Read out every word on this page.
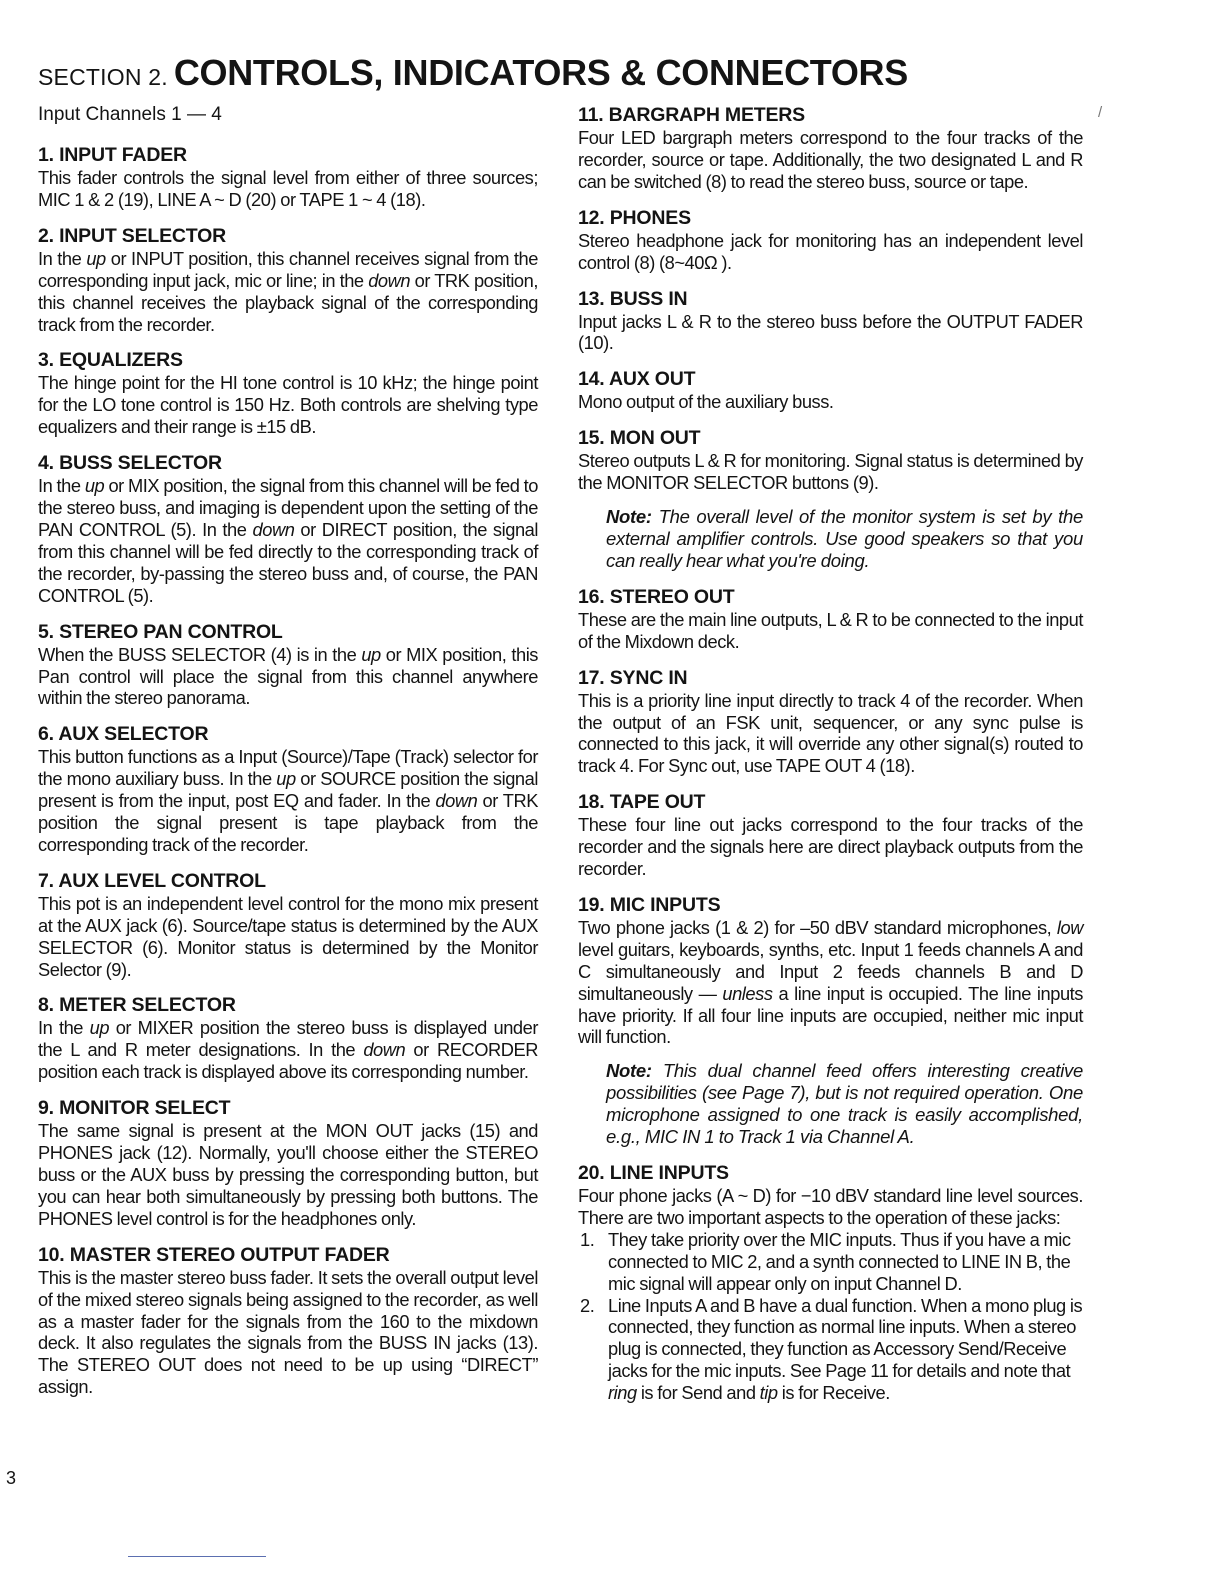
SECTION 2. CONTROLS, INDICATORS & CONNECTORS
/
Input Channels 1 — 4
1. INPUT FADER

This fader controls the signal level from either of three sources; MIC 1 & 2 (19), LINE A ~ D (20) or TAPE 1 ~ 4 (18).

2. INPUT SELECTOR

In the up or INPUT position, this channel receives signal from the corresponding input jack, mic or line; in the down or TRK position, this channel receives the playback signal of the corresponding track from the recorder.

3. EQUALIZERS

The hinge point for the HI tone control is 10 kHz; the hinge point for the LO tone control is 150 Hz. Both controls are shelving type equalizers and their range is ±15 dB.

4. BUSS SELECTOR

In the up or MIX position, the signal from this channel will be fed to the stereo buss, and imaging is dependent upon the setting of the PAN CONTROL (5). In the down or DIRECT position, the signal from this channel will be fed directly to the corresponding track of the recorder, by-passing the stereo buss and, of course, the PAN CONTROL (5).

5. STEREO PAN CONTROL

When the BUSS SELECTOR (4) is in the up or MIX position, this Pan control will place the signal from this channel anywhere within the stereo panorama.

6. AUX SELECTOR

This button functions as a Input (Source)/Tape (Track) selector for the mono auxiliary buss. In the up or SOURCE position the signal present is from the input, post EQ and fader. In the down or TRK position the signal present is tape playback from the corresponding track of the recorder.

7. AUX LEVEL CONTROL

This pot is an independent level control for the mono mix present at the AUX jack (6). Source/tape status is determined by the AUX SELECTOR (6). Monitor status is determined by the Monitor Selector (9).

8. METER SELECTOR

In the up or MIXER position the stereo buss is displayed under the L and R meter designations. In the down or RECORDER position each track is displayed above its corresponding number.

9. MONITOR SELECT

The same signal is present at the MON OUT jacks (15) and PHONES jack (12). Normally, you'll choose either the STEREO buss or the AUX buss by pressing the corresponding button, but you can hear both simultaneously by pressing both buttons. The PHONES level control is for the headphones only.

10. MASTER STEREO OUTPUT FADER

This is the master stereo buss fader. It sets the overall output level of the mixed stereo signals being assigned to the recorder, as well as a master fader for the signals from the 160 to the mixdown deck. It also regulates the signals from the BUSS IN jacks (13). The STEREO OUT does not need to be up using “DIRECT” assign.

11. BARGRAPH METERS

Four LED bargraph meters correspond to the four tracks of the recorder, source or tape. Additionally, the two designated L and R can be switched (8) to read the stereo buss, source or tape.

12. PHONES

Stereo headphone jack for monitoring has an independent level control (8) (8~40Ω ).

13. BUSS IN

Input jacks L & R to the stereo buss before the OUTPUT FADER (10).

14. AUX OUT

Mono output of the auxiliary buss.

15. MON OUT

Stereo outputs L & R for monitoring. Signal status is determined by the MONITOR SELECTOR buttons (9).

Note: The overall level of the monitor system is set by the external amplifier controls. Use good speakers so that you can really hear what you're doing.

16. STEREO OUT

These are the main line outputs, L & R to be connected to the input of the Mixdown deck.

17. SYNC IN

This is a priority line input directly to track 4 of the recorder. When the output of an FSK unit, sequencer, or any sync pulse is connected to this jack, it will override any other signal(s) routed to track 4. For Sync out, use TAPE OUT 4 (18).

18. TAPE OUT

These four line out jacks correspond to the four tracks of the recorder and the signals here are direct playback outputs from the recorder.

19. MIC INPUTS

Two phone jacks (1 & 2) for –50 dBV standard microphones, low level guitars, keyboards, synths, etc. Input 1 feeds channels A and C simultaneously and Input 2 feeds channels B and D simultaneously — unless a line input is occupied. The line inputs have priority. If all four line inputs are occupied, neither mic input will function.

Note: This dual channel feed offers interesting creative possibilities (see Page 7), but is not required operation. One microphone assigned to one track is easily accomplished, e.g., MIC IN 1 to Track 1 via Channel A.

20. LINE INPUTS

Four phone jacks (A ~ D) for −10 dBV standard line level sources. There are two important aspects to the operation of these jacks:

1. They take priority over the MIC inputs. Thus if you have a mic connected to MIC 2, and a synth connected to LINE IN B, the mic signal will appear only on input Channel D.
2. Line Inputs A and B have a dual function. When a mono plug is connected, they function as normal line inputs. When a stereo plug is connected, they function as Accessory Send/Receive jacks for the mic inputs. See Page 11 for details and note that ring is for Send and tip is for Receive.
3
